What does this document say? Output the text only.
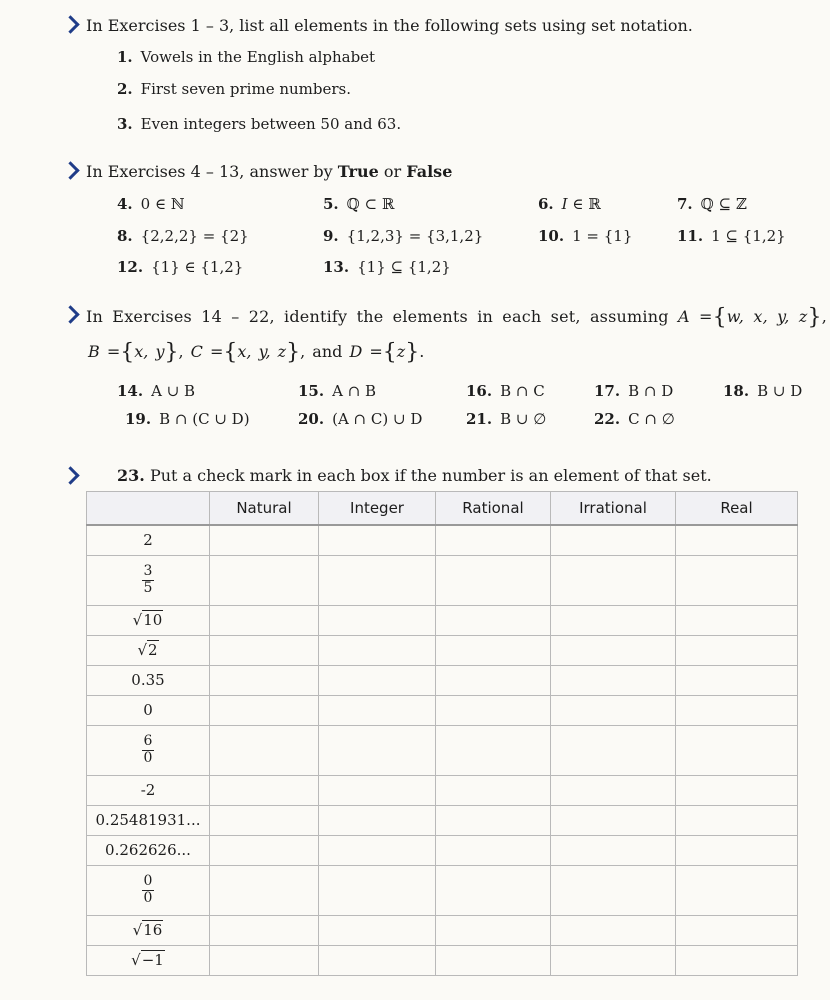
In Exercises 1 – 3, list all elements in the following sets using set notation.
1. Vowels in the English alphabet
2. First seven prime numbers.
3. Even integers between 50 and 63.
In Exercises 4 – 13, answer by True or False
4. 0 ∈ ℕ	5. ℚ ⊂ ℝ	6. 𝐼 ∈ ℝ	7. ℚ ⊆ ℤ
8. {2,2,2} = {2}	9. {1,2,3} = {3,1,2}	10. 1 = {1}	11. 1 ⊆ {1,2}
12. {1} ∈ {1,2}	13. {1} ⊆ {1,2}
In Exercises 14 – 22, identify the elements in each set, assuming A ={w, x, y, z},
B ={x, y}, C ={x, y, z}, and D ={z}.
14. A ∪ B	15. A ∩ B	16. B ∩ C	17. B ∩ D	18. B ∪ D
19. B ∩ (C ∪ D)	20. (A ∩ C) ∪ D	21. B ∪ ∅	22. C ∩ ∅
23. Put a check mark in each box if the number is an element of that set.
	Natural	Integer	Rational	Irrational	Real
2					

$\frac{3}{5}$

√10					
√2					
0.35					
0					

$\frac{6}{0}$

-2					
0.25481931...					
0.262626...					

$\frac{0}{0}$

√16					
√−1					
